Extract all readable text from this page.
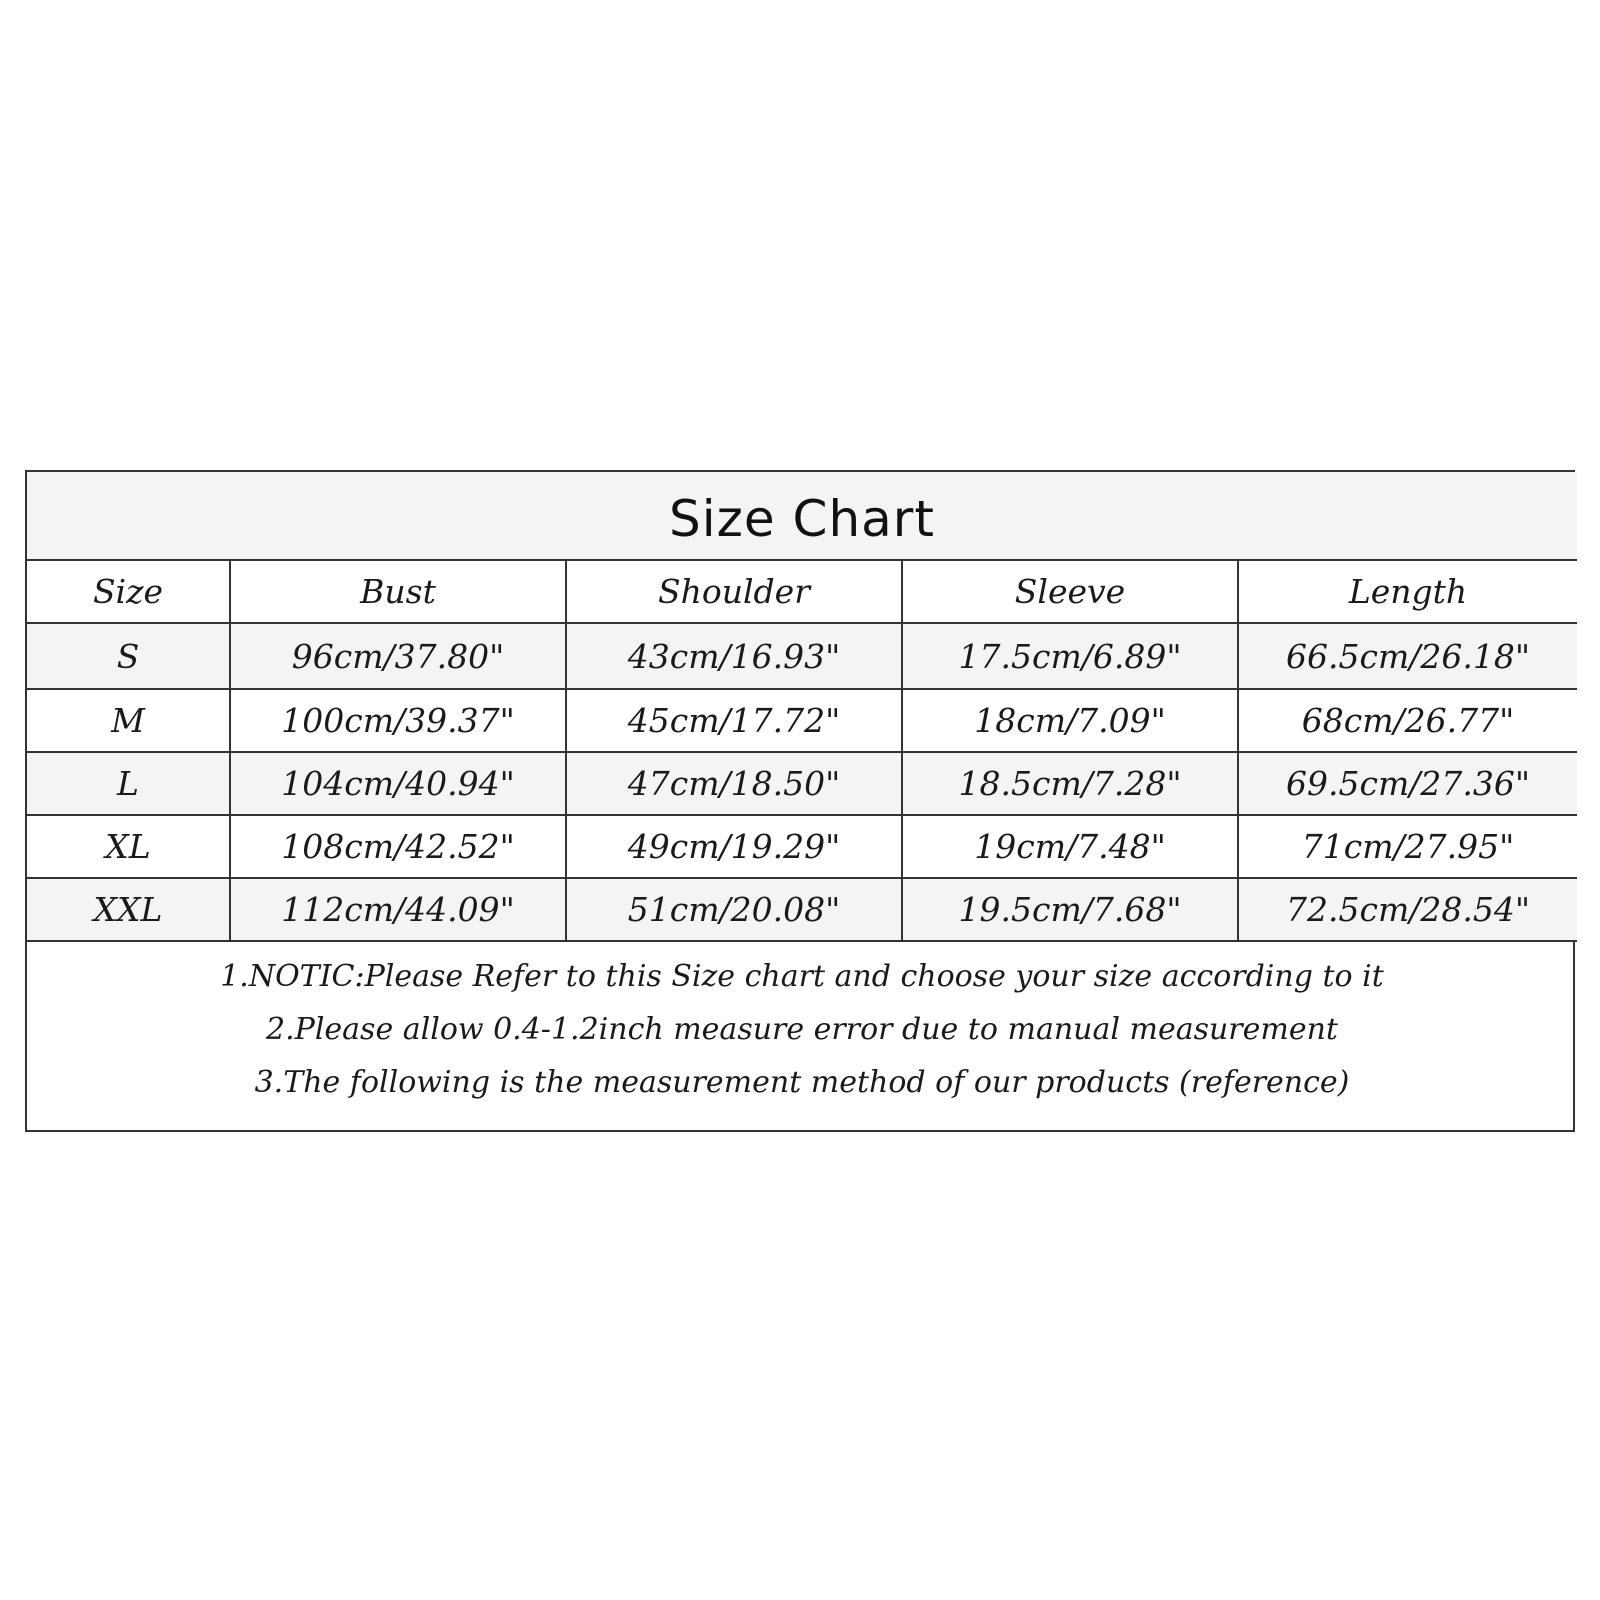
Size Chart
Size	Bust	Shoulder	Sleeve	Length
S	96cm/37.80"	43cm/16.93"	17.5cm/6.89"	66.5cm/26.18"
M	100cm/39.37"	45cm/17.72"	18cm/7.09"	68cm/26.77"
L	104cm/40.94"	47cm/18.50"	18.5cm/7.28"	69.5cm/27.36"
XL	108cm/42.52"	49cm/19.29"	19cm/7.48"	71cm/27.95"
XXL	112cm/44.09"	51cm/20.08"	19.5cm/7.68"	72.5cm/28.54"
1.NOTIC:Please Refer to this Size chart and choose your size according to it
2.Please allow 0.4-1.2inch measure error due to manual measurement
3.The following is the measurement method of our products (reference)
